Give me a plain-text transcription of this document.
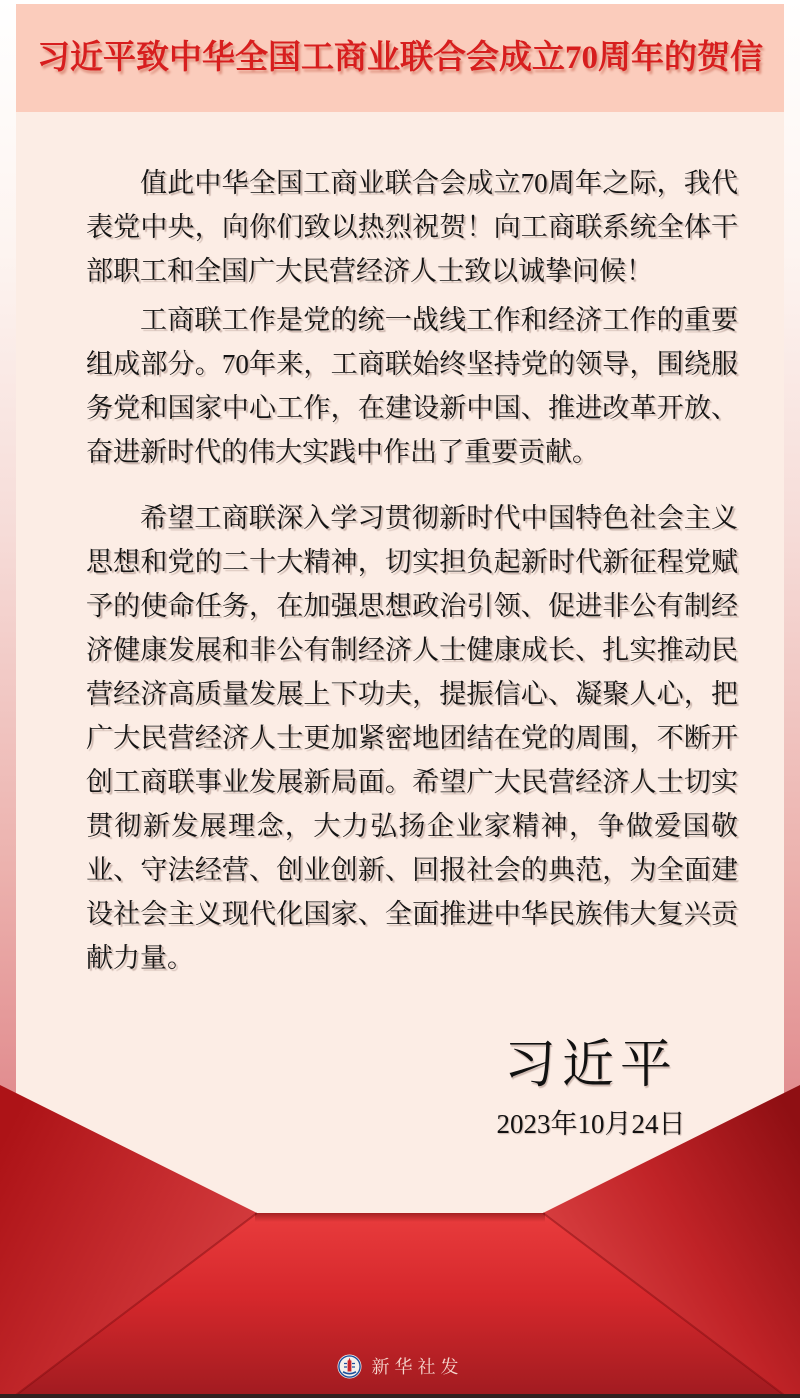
习近平致中华全国工商业联合会成立70周年的贺信

值此中华全国工商业联合会成立70周年之际，我代表党中央，向你们致以热烈祝贺！向工商联系统全体干部职工和全国广大民营经济人士致以诚挚问候！

工商联工作是党的统一战线工作和经济工作的重要组成部分。70年来，工商联始终坚持党的领导，围绕服务党和国家中心工作，在建设新中国、推进改革开放、奋进新时代的伟大实践中作出了重要贡献。

希望工商联深入学习贯彻新时代中国特色社会主义思想和党的二十大精神，切实担负起新时代新征程党赋予的使命任务，在加强思想政治引领、促进非公有制经济健康发展和非公有制经济人士健康成长、扎实推动民营经济高质量发展上下功夫，提振信心、凝聚人心，把广大民营经济人士更加紧密地团结在党的周围，不断开创工商联事业发展新局面。希望广大民营经济人士切实贯彻新发展理念，大力弘扬企业家精神，争做爱国敬业、守法经营、创业创新、回报社会的典范，为全面建设社会主义现代化国家、全面推进中华民族伟大复兴贡献力量。

习近平
2023年10月24日
新华社发
